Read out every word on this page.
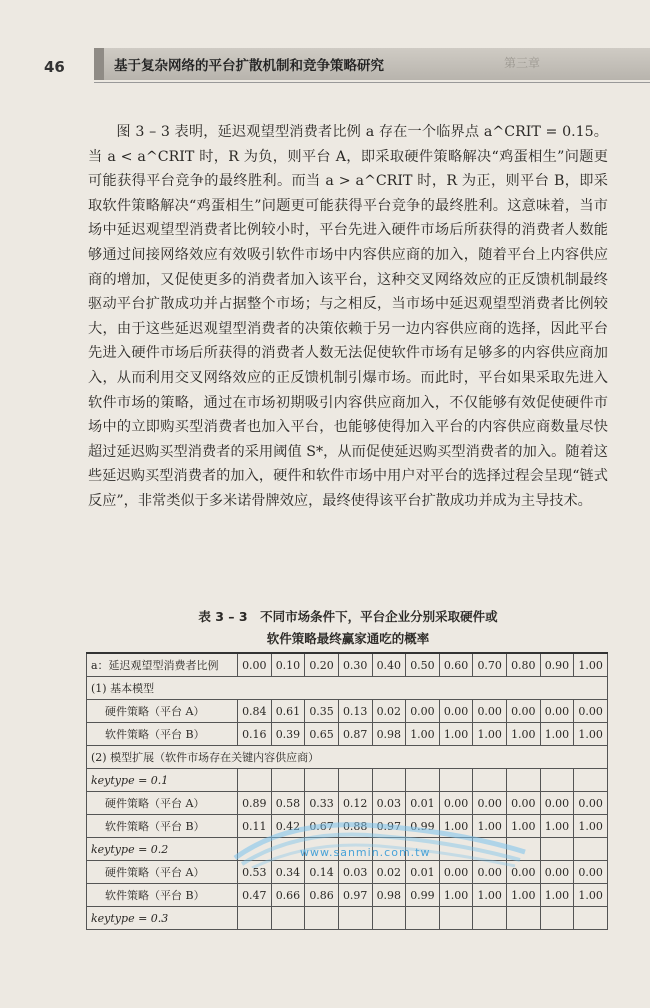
46	基于复杂网络的平台扩散机制和竞争策略研究	第三章

图 3 – 3 表明，延迟观望型消费者比例 a 存在一个临界点 a^CRIT = 0.15。当 a < a^CRIT 时，R 为负，则平台 A，即采取硬件策略解决“鸡蛋相生”问题更可能获得平台竞争的最终胜利。而当 a > a^CRIT 时，R 为正，则平台 B，即采取软件策略解决“鸡蛋相生”问题更可能获得平台竞争的最终胜利。这意味着，当市场中延迟观望型消费者比例较小时，平台先进入硬件市场后所获得的消费者人数能够通过间接网络效应有效吸引软件市场中内容供应商的加入，随着平台上内容供应商的增加，又促使更多的消费者加入该平台，这种交叉网络效应的正反馈机制最终驱动平台扩散成功并占据整个市场；与之相反，当市场中延迟观望型消费者比例较大，由于这些延迟观望型消费者的决策依赖于另一边内容供应商的选择，因此平台先进入硬件市场后所获得的消费者人数无法促使软件市场有足够多的内容供应商加入，从而利用交叉网络效应的正反馈机制引爆市场。而此时，平台如果采取先进入软件市场的策略，通过在市场初期吸引内容供应商加入，不仅能够有效促使硬件市场中的立即购买型消费者也加入平台，也能够使得加入平台的内容供应商数量尽快超过延迟购买型消费者的采用阈值 S*，从而促使延迟购买型消费者的加入。随着这些延迟购买型消费者的加入，硬件和软件市场中用户对平台的选择过程会呈现“链式反应”，非常类似于多米诺骨牌效应，最终使得该平台扩散成功并成为主导技术。

表 3 – 3　不同市场条件下，平台企业分别采取硬件或
软件策略最终赢家通吃的概率
a：延迟观望型消费者比例	0.00	0.10	0.20	0.30	0.40	0.50	0.60	0.70	0.80	0.90	1.00
(1) 基本模型											
硬件策略（平台 A）	0.84	0.61	0.35	0.13	0.02	0.00	0.00	0.00	0.00	0.00	0.00
软件策略（平台 B）	0.16	0.39	0.65	0.87	0.98	1.00	1.00	1.00	1.00	1.00	1.00
(2) 模型扩展（软件市场存在关键内容供应商）											
keytype = 0.1											
硬件策略（平台 A）	0.89	0.58	0.33	0.12	0.03	0.01	0.00	0.00	0.00	0.00	0.00
软件策略（平台 B）	0.11	0.42	0.67	0.88	0.97	0.99	1.00	1.00	1.00	1.00	1.00
keytype = 0.2											
硬件策略（平台 A）	0.53	0.34	0.14	0.03	0.02	0.01	0.00	0.00	0.00	0.00	0.00
软件策略（平台 B）	0.47	0.66	0.86	0.97	0.98	0.99	1.00	1.00	1.00	1.00	1.00
keytype = 0.3											
www.sanmin.com.tw
